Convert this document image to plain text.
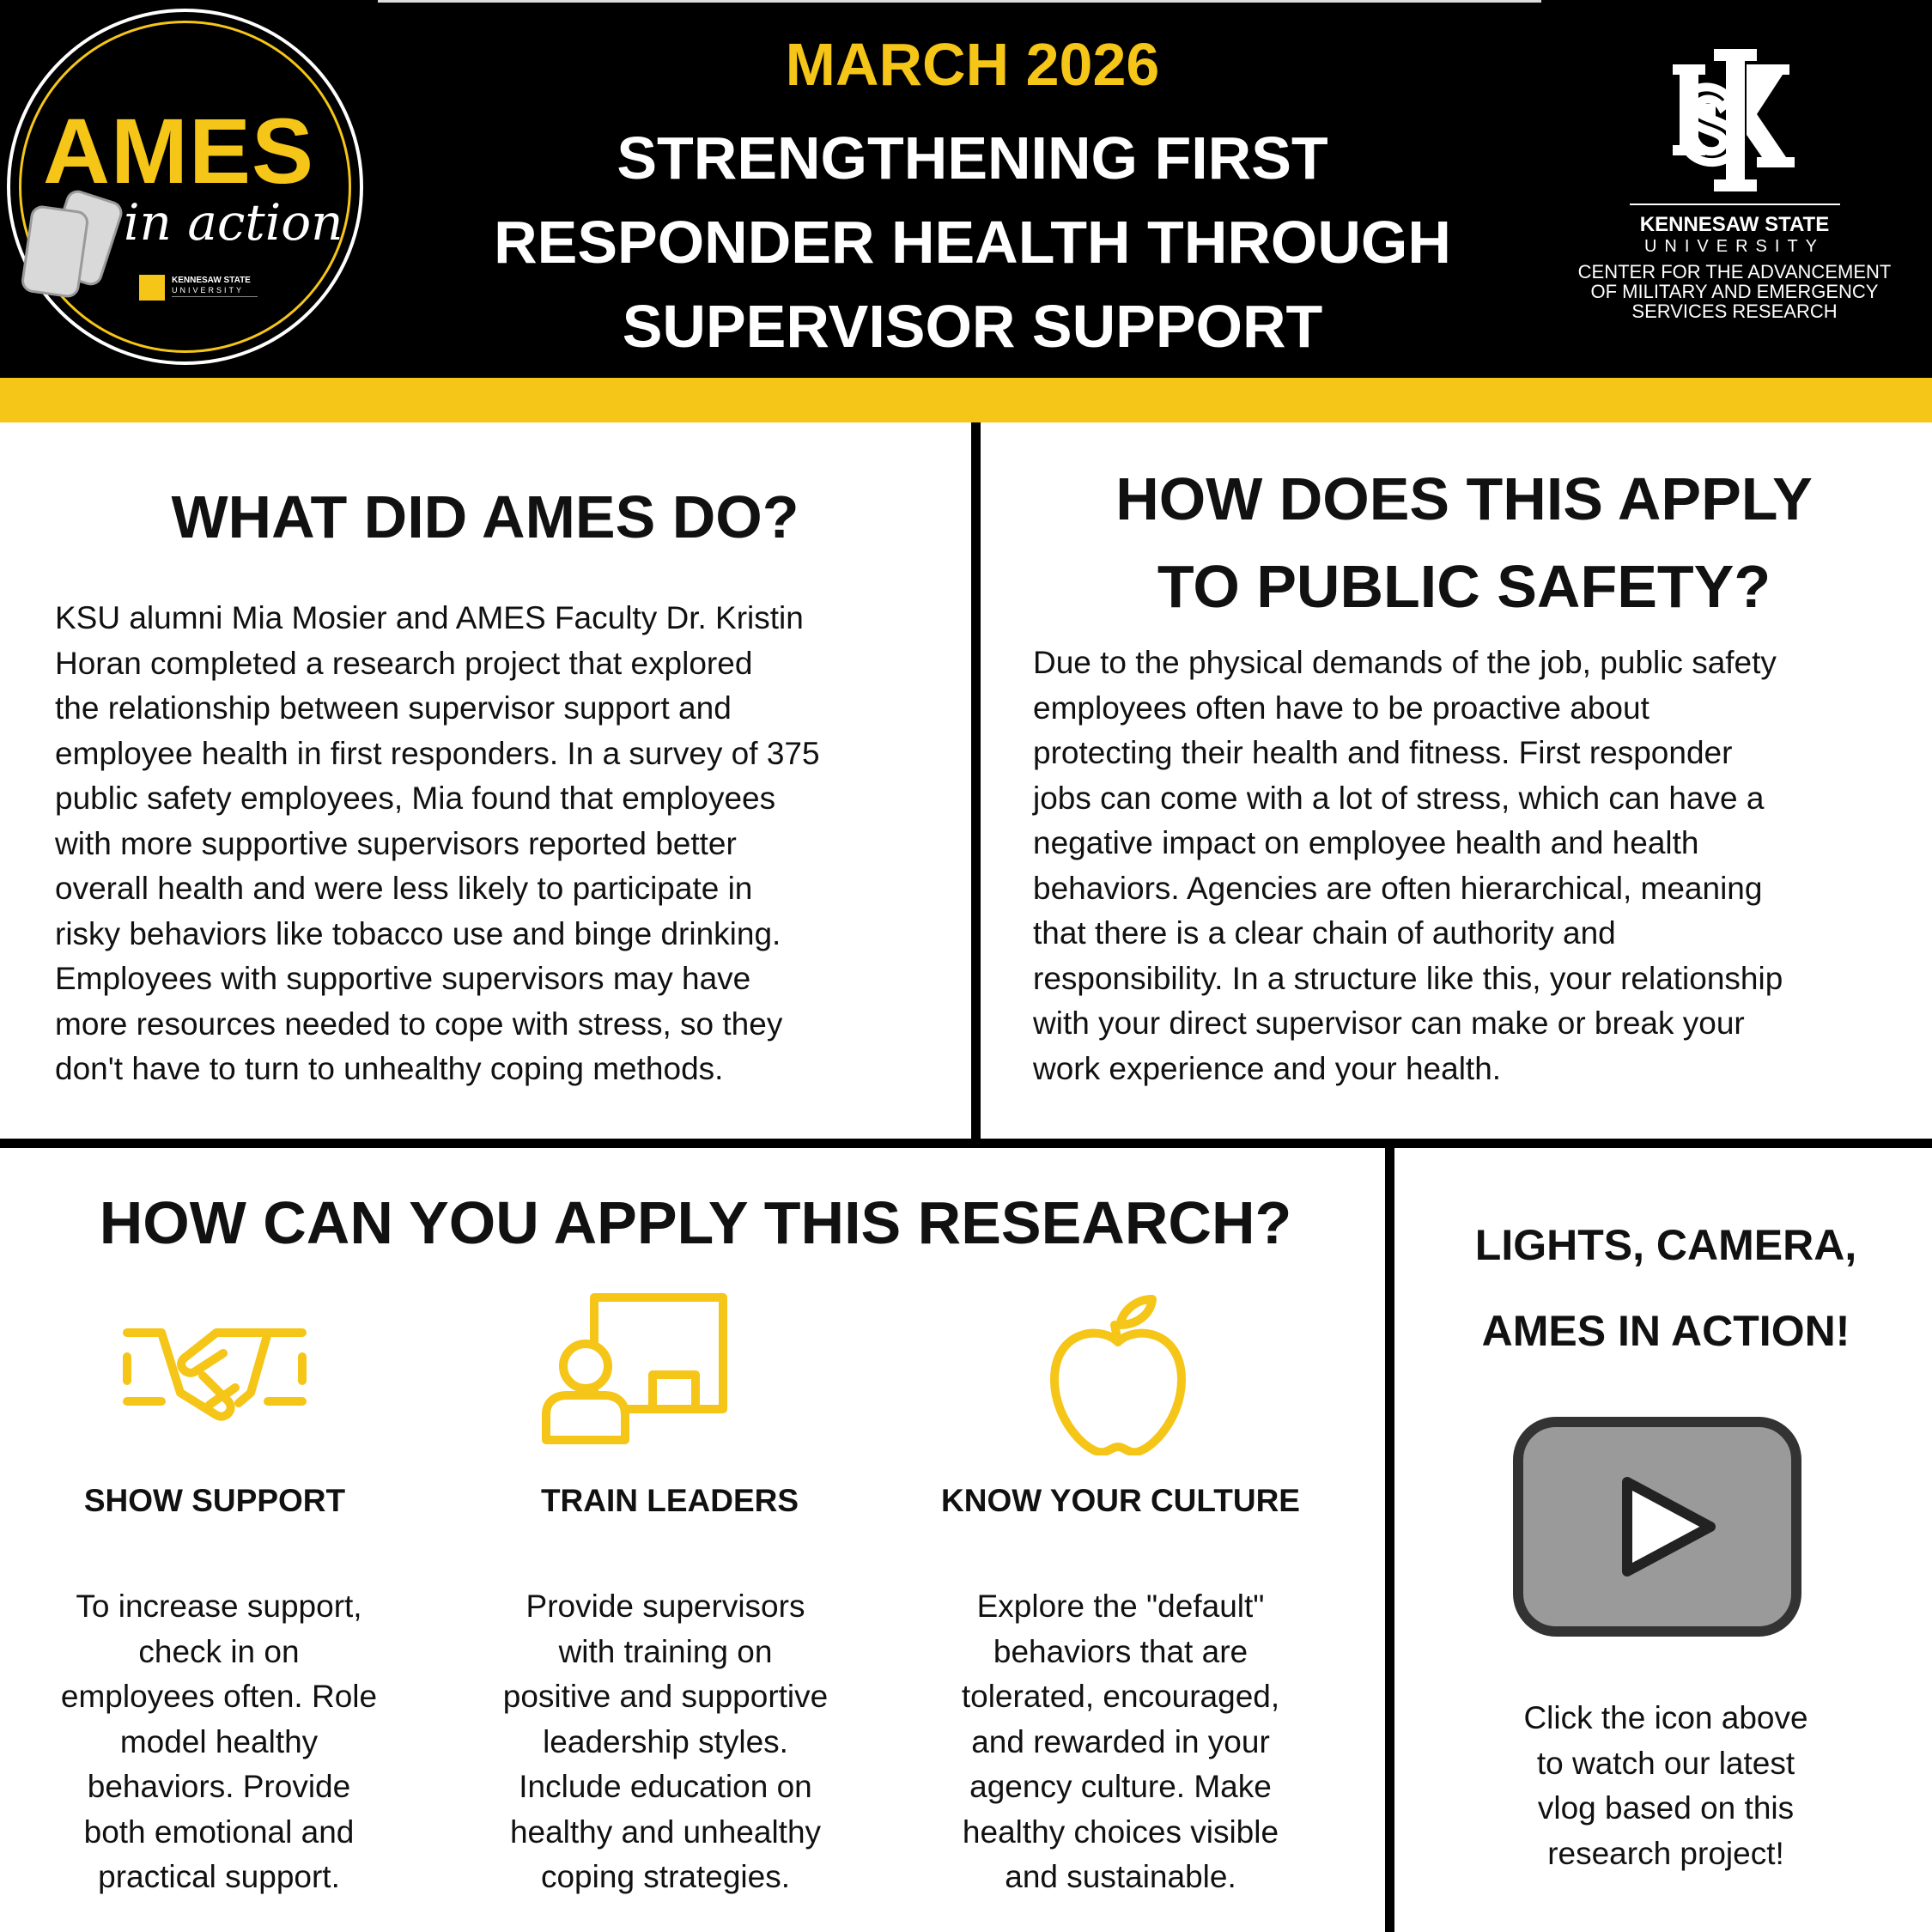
AMES
in action
KENNESAW STATE
UNIVERSITY
MARCH 2026
STRENGTHENING FIRST
RESPONDER HEALTH THROUGH
SUPERVISOR SUPPORT
KENNESAW STATE
UNIVERSITY
CENTER FOR THE ADVANCEMENT
OF MILITARY AND EMERGENCY
SERVICES RESEARCH
WHAT DID AMES DO?
KSU alumni Mia Mosier and AMES Faculty Dr. Kristin
Horan completed a research project that explored
the relationship between supervisor support and
employee health in first responders. In a survey of 375
public safety employees, Mia found that employees
with more supportive supervisors reported better
overall health and were less likely to participate in
risky behaviors like tobacco use and binge drinking.
Employees with supportive supervisors may have
more resources needed to cope with stress, so they
don't have to turn to unhealthy coping methods.
HOW DOES THIS APPLY
TO PUBLIC SAFETY?
Due to the physical demands of the job, public safety
employees often have to be proactive about
protecting their health and fitness. First responder
jobs can come with a lot of stress, which can have a
negative impact on employee health and health
behaviors. Agencies are often hierarchical, meaning
that there is a clear chain of authority and
responsibility. In a structure like this, your relationship
with your direct supervisor can make or break your
work experience and your health.
HOW CAN YOU APPLY THIS RESEARCH?
SHOW SUPPORT	TRAIN LEADERS	KNOW YOUR CULTURE
To increase support,
check in on
employees often. Role
model healthy
behaviors. Provide
both emotional and
practical support.
Provide supervisors
with training on
positive and supportive
leadership styles.
Include education on
healthy and unhealthy
coping strategies.
Explore the "default"
behaviors that are
tolerated, encouraged,
and rewarded in your
agency culture. Make
healthy choices visible
and sustainable.
LIGHTS, CAMERA,
AMES IN ACTION!
Click the icon above
to watch our latest
vlog based on this
research project!
